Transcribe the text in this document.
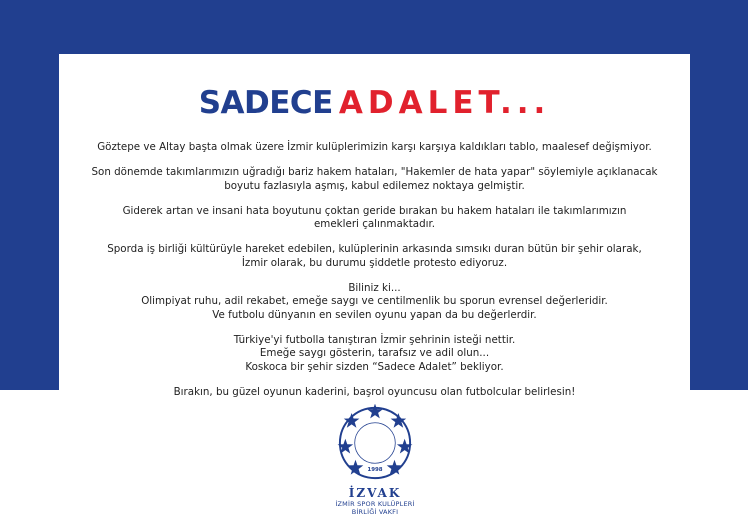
SADECE ADALET...

Göztepe ve Altay başta olmak üzere İzmir kulüplerimizin karşı karşıya kaldıkları tablo, maalesef değişmiyor.

Son dönemde takımlarımızın uğradığı bariz hakem hataları, "Hakemler de hata yapar" söylemiyle açıklanacak
boyutu fazlasıyla aşmış, kabul edilemez noktaya gelmiştir.

Giderek artan ve insani hata boyutunu çoktan geride bırakan bu hakem hataları ile takımlarımızın
emekleri çalınmaktadır.

Sporda iş birliği kültürüyle hareket edebilen, kulüplerinin arkasında sımsıkı duran bütün bir şehir olarak,
İzmir olarak, bu durumu şiddetle protesto ediyoruz.

Biliniz ki...
Olimpiyat ruhu, adil rekabet, emeğe saygı ve centilmenlik bu sporun evrensel değerleridir.
Ve futbolu dünyanın en sevilen oyunu yapan da bu değerlerdir.

Türkiye'yi futbolla tanıştıran İzmir şehrinin isteği nettir.
Emeğe saygı gösterin, tarafsız ve adil olun...
Koskoca bir şehir sizden “Sadece Adalet” bekliyor.

Bırakın, bu güzel oyunun kaderini, başrol oyuncusu olan futbolcular belirlesin!

1998
İZVAK
İZMİR SPOR KULÜPLERİ
BİRLİĞİ VAKFI
